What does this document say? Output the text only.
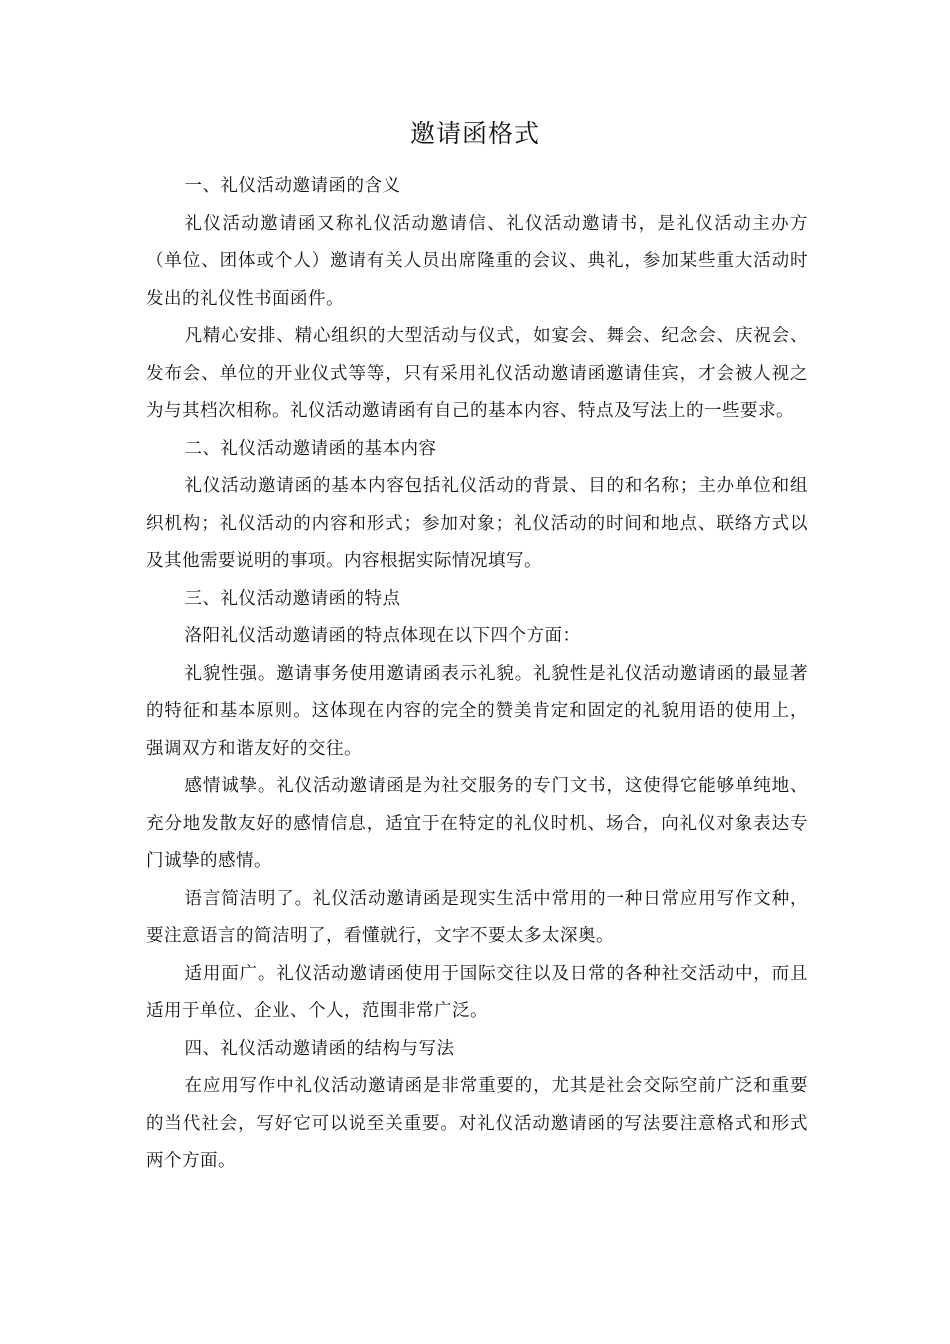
邀请函格式

一、礼仪活动邀请函的含义

礼仪活动邀请函又称礼仪活动邀请信、礼仪活动邀请书，是礼仪活动主办方（单位、团体或个人）邀请有关人员出席隆重的会议、典礼，参加某些重大活动时发出的礼仪性书面函件。

凡精心安排、精心组织的大型活动与仪式，如宴会、舞会、纪念会、庆祝会、发布会、单位的开业仪式等等，只有采用礼仪活动邀请函邀请佳宾，才会被人视之为与其档次相称。礼仪活动邀请函有自己的基本内容、特点及写法上的一些要求。

二、礼仪活动邀请函的基本内容

礼仪活动邀请函的基本内容包括礼仪活动的背景、目的和名称；主办单位和组织机构；礼仪活动的内容和形式；参加对象；礼仪活动的时间和地点、联络方式以及其他需要说明的事项。内容根据实际情况填写。

三、礼仪活动邀请函的特点

洛阳礼仪活动邀请函的特点体现在以下四个方面：

礼貌性强。邀请事务使用邀请函表示礼貌。礼貌性是礼仪活动邀请函的最显著的特征和基本原则。这体现在内容的完全的赞美肯定和固定的礼貌用语的使用上，强调双方和谐友好的交往。

感情诚挚。礼仪活动邀请函是为社交服务的专门文书，这使得它能够单纯地、充分地发散友好的感情信息，适宜于在特定的礼仪时机、场合，向礼仪对象表达专门诚挚的感情。

语言简洁明了。礼仪活动邀请函是现实生活中常用的一种日常应用写作文种，要注意语言的简洁明了，看懂就行，文字不要太多太深奥。

适用面广。礼仪活动邀请函使用于国际交往以及日常的各种社交活动中，而且适用于单位、企业、个人，范围非常广泛。

四、礼仪活动邀请函的结构与写法

在应用写作中礼仪活动邀请函是非常重要的，尤其是社会交际空前广泛和重要的当代社会，写好它可以说至关重要。对礼仪活动邀请函的写法要注意格式和形式两个方面。
